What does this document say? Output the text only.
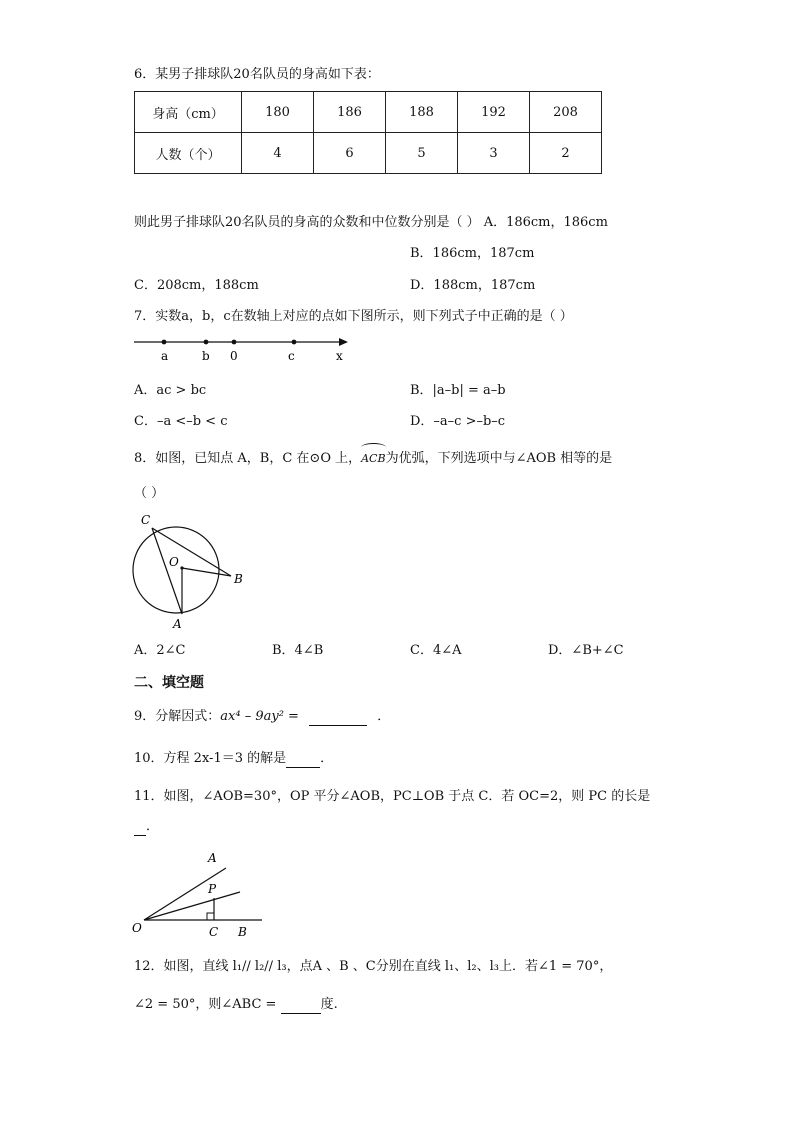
6．某男子排球队20名队员的身高如下表：
身高（cm）	180	186	188	192	208
人数（个）	4	6	5	3	2
则此男子排球队20名队员的身高的众数和中位数分别是（ ） A．186cm，186cm
B．186cm，187cm
C．208cm，188cm	D．188cm，187cm
7．实数a，b，c在数轴上对应的点如下图所示，则下列式子中正确的是（ ）
a	b 0	c	x
A．ac > bc	B．|a–b| = a–b
C．–a <–b < c	D．–a–c >–b–c
8．如图，已知点 A，B，C 在⊙O 上，
ACB为优弧，下列选项中与∠AOB 相等的是
（ ）
C
O
B
A
A．2∠C	B．4∠B	C．4∠A	D．∠B+∠C
二、填空题
9．分解因式：ax⁴ – 9ay² =	．
10．方程 2x-1＝3 的解是	．
11．如图，∠AOB=30°，OP 平分∠AOB，PC⊥OB 于点 C．若 OC=2，则 PC 的长是
．
A
P
O	C B
12．如图，直线 l₁// l₂// l₃，点A 、B 、C分别在直线 l₁、l₂、l₃上．若∠1 = 70°，
∠2 = 50°，则∠ABC =	度.
